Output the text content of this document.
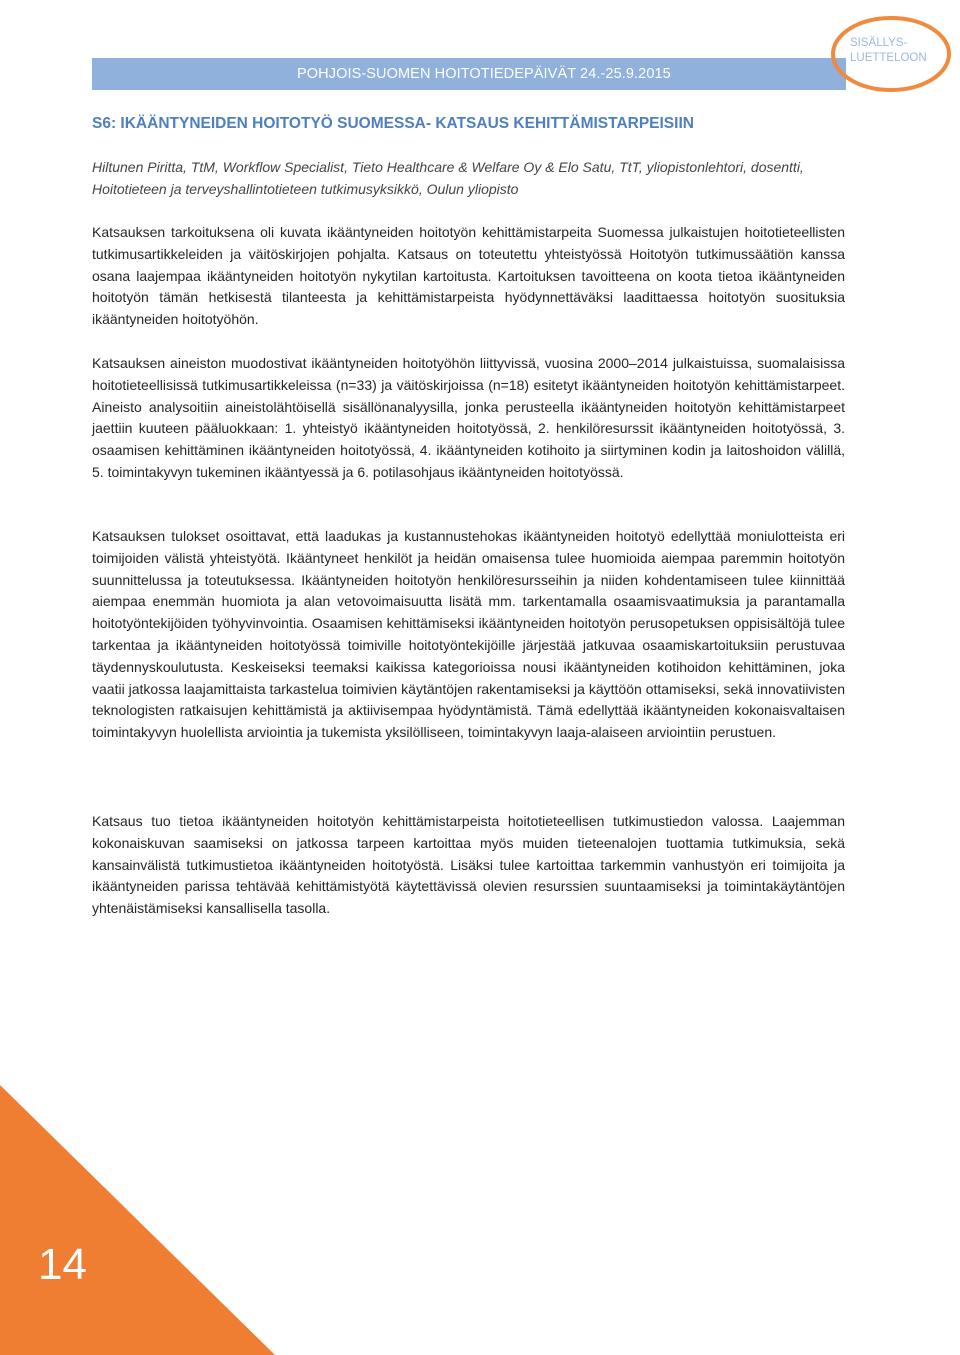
POHJOIS-SUOMEN HOITOTIEDEPÄIVÄT 24.-25.9.2015
SISÄLLYS-
LUETTELOON
S6: IKÄÄNTYNEIDEN HOITOTYÖ SUOMESSA- KATSAUS KEHITTÄMISTARPEISIIN
Hiltunen Piritta, TtM, Workflow Specialist, Tieto Healthcare & Welfare Oy & Elo Satu, TtT, yliopistonlehtori, dosentti, Hoitotieteen ja terveyshallintotieteen tutkimusyksikkö, Oulun yliopisto

Katsauksen tarkoituksena oli kuvata ikääntyneiden hoitotyön kehittämistarpeita Suomessa julkaistujen hoitotieteellisten tutkimusartikkeleiden ja väitöskirjojen pohjalta. Katsaus on toteutettu yhteistyössä Hoitotyön tutkimussäätiön kanssa osana laajempaa ikääntyneiden hoitotyön nykytilan kartoitusta. Kartoituksen tavoitteena on koota tietoa ikääntyneiden hoitotyön tämän hetkisestä tilanteesta ja kehittämistarpeista hyödynnettäväksi laadittaessa hoitotyön suosituksia ikääntyneiden hoitotyöhön.

Katsauksen aineiston muodostivat ikääntyneiden hoitotyöhön liittyvissä, vuosina 2000–2014 julkaistuissa, suomalaisissa hoitotieteellisissä tutkimusartikkeleissa (n=33) ja väitöskirjoissa (n=18) esitetyt ikääntyneiden hoitotyön kehittämistarpeet. Aineisto analysoitiin aineistolähtöisellä sisällönanalyysilla, jonka perusteella ikääntyneiden hoitotyön kehittämistarpeet jaettiin kuuteen pääluokkaan: 1. yhteistyö ikääntyneiden hoitotyössä, 2. henkilöresurssit ikääntyneiden hoitotyössä, 3. osaamisen kehittäminen ikääntyneiden hoitotyössä, 4. ikääntyneiden kotihoito ja siirtyminen kodin ja laitoshoidon välillä, 5. toimintakyvyn tukeminen ikääntyessä ja 6. potilasohjaus ikääntyneiden hoitotyössä.

Katsauksen tulokset osoittavat, että laadukas ja kustannustehokas ikääntyneiden hoitotyö edellyttää moniulotteista eri toimijoiden välistä yhteistyötä. Ikääntyneet henkilöt ja heidän omaisensa tulee huomioida aiempaa paremmin hoitotyön suunnittelussa ja toteutuksessa. Ikääntyneiden hoitotyön henkilöresursseihin ja niiden kohdentamiseen tulee kiinnittää aiempaa enemmän huomiota ja alan vetovoimaisuutta lisätä mm. tarkentamalla osaamisvaatimuksia ja parantamalla hoitotyöntekijöiden työhyvinvointia. Osaamisen kehittämiseksi ikääntyneiden hoitotyön perusopetuksen oppisisältöjä tulee tarkentaa ja ikääntyneiden hoitotyössä toimiville hoitotyöntekijöille järjestää jatkuvaa osaamiskartoituksiin perustuvaa täydennyskoulutusta. Keskeiseksi teemaksi kaikissa kategorioissa nousi ikääntyneiden kotihoidon kehittäminen, joka vaatii jatkossa laajamittaista tarkastelua toimivien käytäntöjen rakentamiseksi ja käyttöön ottamiseksi, sekä innovatiivisten teknologisten ratkaisujen kehittämistä ja aktiivisempaa hyödyntämistä. Tämä edellyttää ikääntyneiden kokonaisvaltaisen toimintakyvyn huolellista arviointia ja tukemista yksilölliseen, toimintakyvyn laaja-alaiseen arviointiin perustuen.

Katsaus tuo tietoa ikääntyneiden hoitotyön kehittämistarpeista hoitotieteellisen tutkimustiedon valossa. Laajemman kokonaiskuvan saamiseksi on jatkossa tarpeen kartoittaa myös muiden tieteenalojen tuottamia tutkimuksia, sekä kansainvälistä tutkimustietoa ikääntyneiden hoitotyöstä. Lisäksi tulee kartoittaa tarkemmin vanhustyön eri toimijoita ja ikääntyneiden parissa tehtävää kehittämistyötä käytettävissä olevien resurssien suuntaamiseksi ja toimintakäytäntöjen yhtenäistämiseksi kansallisella tasolla.

14
